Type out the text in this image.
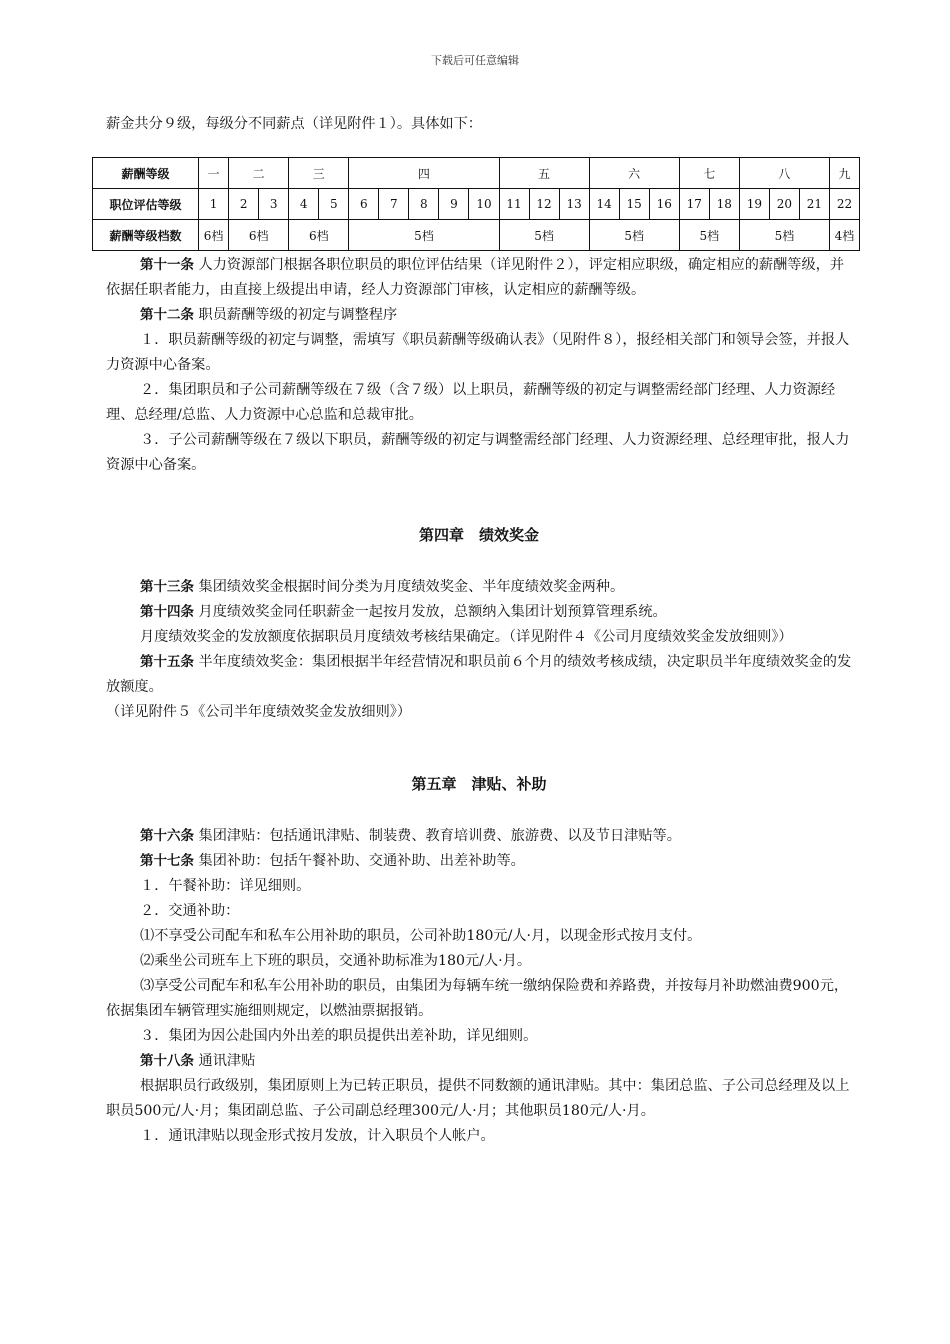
下载后可任意编辑

薪金共分９级，每级分不同薪点（详见附件１）。具体如下：

薪酬等级	一	二		三		四					五			六			七		八			九
职位评估等级	1	2	3	4	5	6	7	8	9	10	11	12	13	14	15	16	17	18	19	20	21	22
薪酬等级档数	6档	6档		6档		5档					5档			5档			5档		5档			4档

第十一条 人力资源部门根据各职位职员的职位评估结果（详见附件２），评定相应职级，确定相应的薪酬等级，并依据任职者能力，由直接上级提出申请，经人力资源部门审核，认定相应的薪酬等级。

第十二条 职员薪酬等级的初定与调整程序

１．职员薪酬等级的初定与调整，需填写《职员薪酬等级确认表》（见附件８），报经相关部门和领导会签，并报人力资源中心备案。

２．集团职员和子公司薪酬等级在７级（含７级）以上职员，薪酬等级的初定与调整需经部门经理、人力资源经理、总经理/总监、人力资源中心总监和总裁审批。

３．子公司薪酬等级在７级以下职员，薪酬等级的初定与调整需经部门经理、人力资源经理、总经理审批，报人力资源中心备案。

第四章　绩效奖金

第十三条 集团绩效奖金根据时间分类为月度绩效奖金、半年度绩效奖金两种。

第十四条 月度绩效奖金同任职薪金一起按月发放，总额纳入集团计划预算管理系统。

月度绩效奖金的发放额度依据职员月度绩效考核结果确定。（详见附件４《公司月度绩效奖金发放细则》）

第十五条 半年度绩效奖金：集团根据半年经营情况和职员前６个月的绩效考核成绩，决定职员半年度绩效奖金的发放额度。

（详见附件５《公司半年度绩效奖金发放细则》）

第五章　津贴、补助

第十六条 集团津贴：包括通讯津贴、制装费、教育培训费、旅游费、以及节日津贴等。

第十七条 集团补助：包括午餐补助、交通补助、出差补助等。

１．午餐补助：详见细则。

２．交通补助：

⑴不享受公司配车和私车公用补助的职员，公司补助180元/人·月，以现金形式按月支付。

⑵乘坐公司班车上下班的职员，交通补助标准为180元/人·月。

⑶享受公司配车和私车公用补助的职员，由集团为每辆车统一缴纳保险费和养路费，并按每月补助燃油费900元，依据集团车辆管理实施细则规定，以燃油票据报销。

３．集团为因公赴国内外出差的职员提供出差补助，详见细则。

第十八条 通讯津贴

根据职员行政级别，集团原则上为已转正职员，提供不同数额的通讯津贴。其中：集团总监、子公司总经理及以上职员500元/人·月；集团副总监、子公司副总经理300元/人·月；其他职员180元/人·月。

１．通讯津贴以现金形式按月发放，计入职员个人帐户。
